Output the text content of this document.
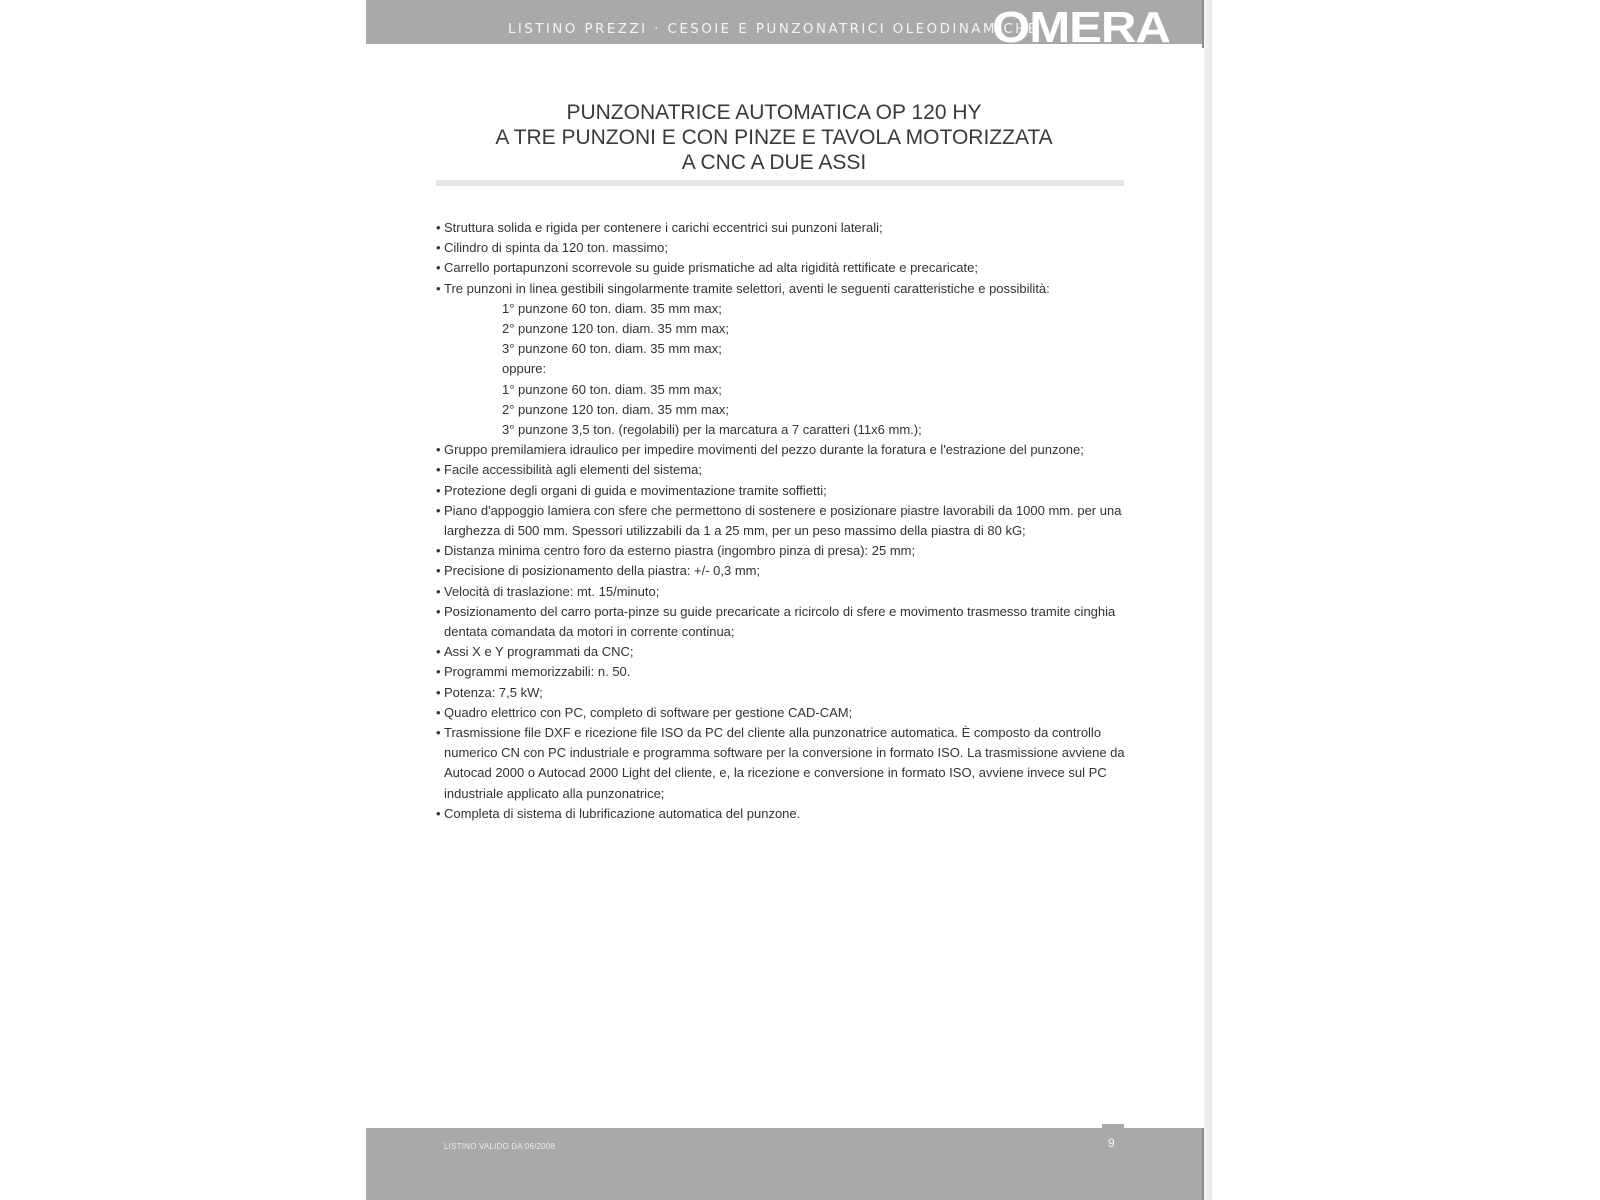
LISTINO PREZZI · CESOIE E PUNZONATRICI OLEODINAMICHE
OMERA
PUNZONATRICE AUTOMATICA OP 120 HY
A TRE PUNZONI E CON PINZE E TAVOLA MOTORIZZATA
A CNC A DUE ASSI
• Struttura solida e rigida per contenere i carichi eccentrici sui punzoni laterali;
• Cilindro di spinta da 120 ton. massimo;
• Carrello portapunzoni scorrevole su guide prismatiche ad alta rigidità rettificate e precaricate;
• Tre punzoni in linea gestibili singolarmente tramite selettori, aventi le seguenti caratteristiche e possibilità:
1° punzone 60 ton. diam. 35 mm max;
2° punzone 120 ton. diam. 35 mm max;
3° punzone 60 ton. diam. 35 mm max;
oppure:
1° punzone 60 ton. diam. 35 mm max;
2° punzone 120 ton. diam. 35 mm max;
3° punzone 3,5 ton. (regolabili) per la marcatura a 7 caratteri (11x6 mm.);
• Gruppo premilamiera idraulico per impedire movimenti del pezzo durante la foratura e l'estrazione del punzone;
• Facile accessibilità agli elementi del sistema;
• Protezione degli organi di guida e movimentazione tramite soffietti;
• Piano d'appoggio lamiera con sfere che permettono di sostenere e posizionare piastre lavorabili da 1000 mm. per una larghezza di 500 mm. Spessori utilizzabili da 1 a 25 mm, per un peso massimo della piastra di 80 kG;
• Distanza minima centro foro da esterno piastra (ingombro pinza di presa): 25 mm;
• Precisione di posizionamento della piastra: +/- 0,3 mm;
• Velocità di traslazione: mt. 15/minuto;
• Posizionamento del carro porta-pinze su guide precaricate a ricircolo di sfere e movimento trasmesso tramite cinghia dentata comandata da motori in corrente continua;
• Assi X e Y programmati da CNC;
• Programmi memorizzabili: n. 50.
• Potenza: 7,5 kW;
• Quadro elettrico con PC, completo di software per gestione CAD-CAM;
• Trasmissione file DXF e ricezione file ISO da PC del cliente alla punzonatrice automatica. È composto da controllo numerico CN con PC industriale e programma software per la conversione in formato ISO. La trasmissione avviene da Autocad 2000 o Autocad 2000 Light del cliente, e, la ricezione e conversione in formato ISO, avviene invece sul PC industriale applicato alla punzonatrice;
• Completa di sistema di lubrificazione automatica del punzone.
LISTINO VALIDO DA 06/2008	9
